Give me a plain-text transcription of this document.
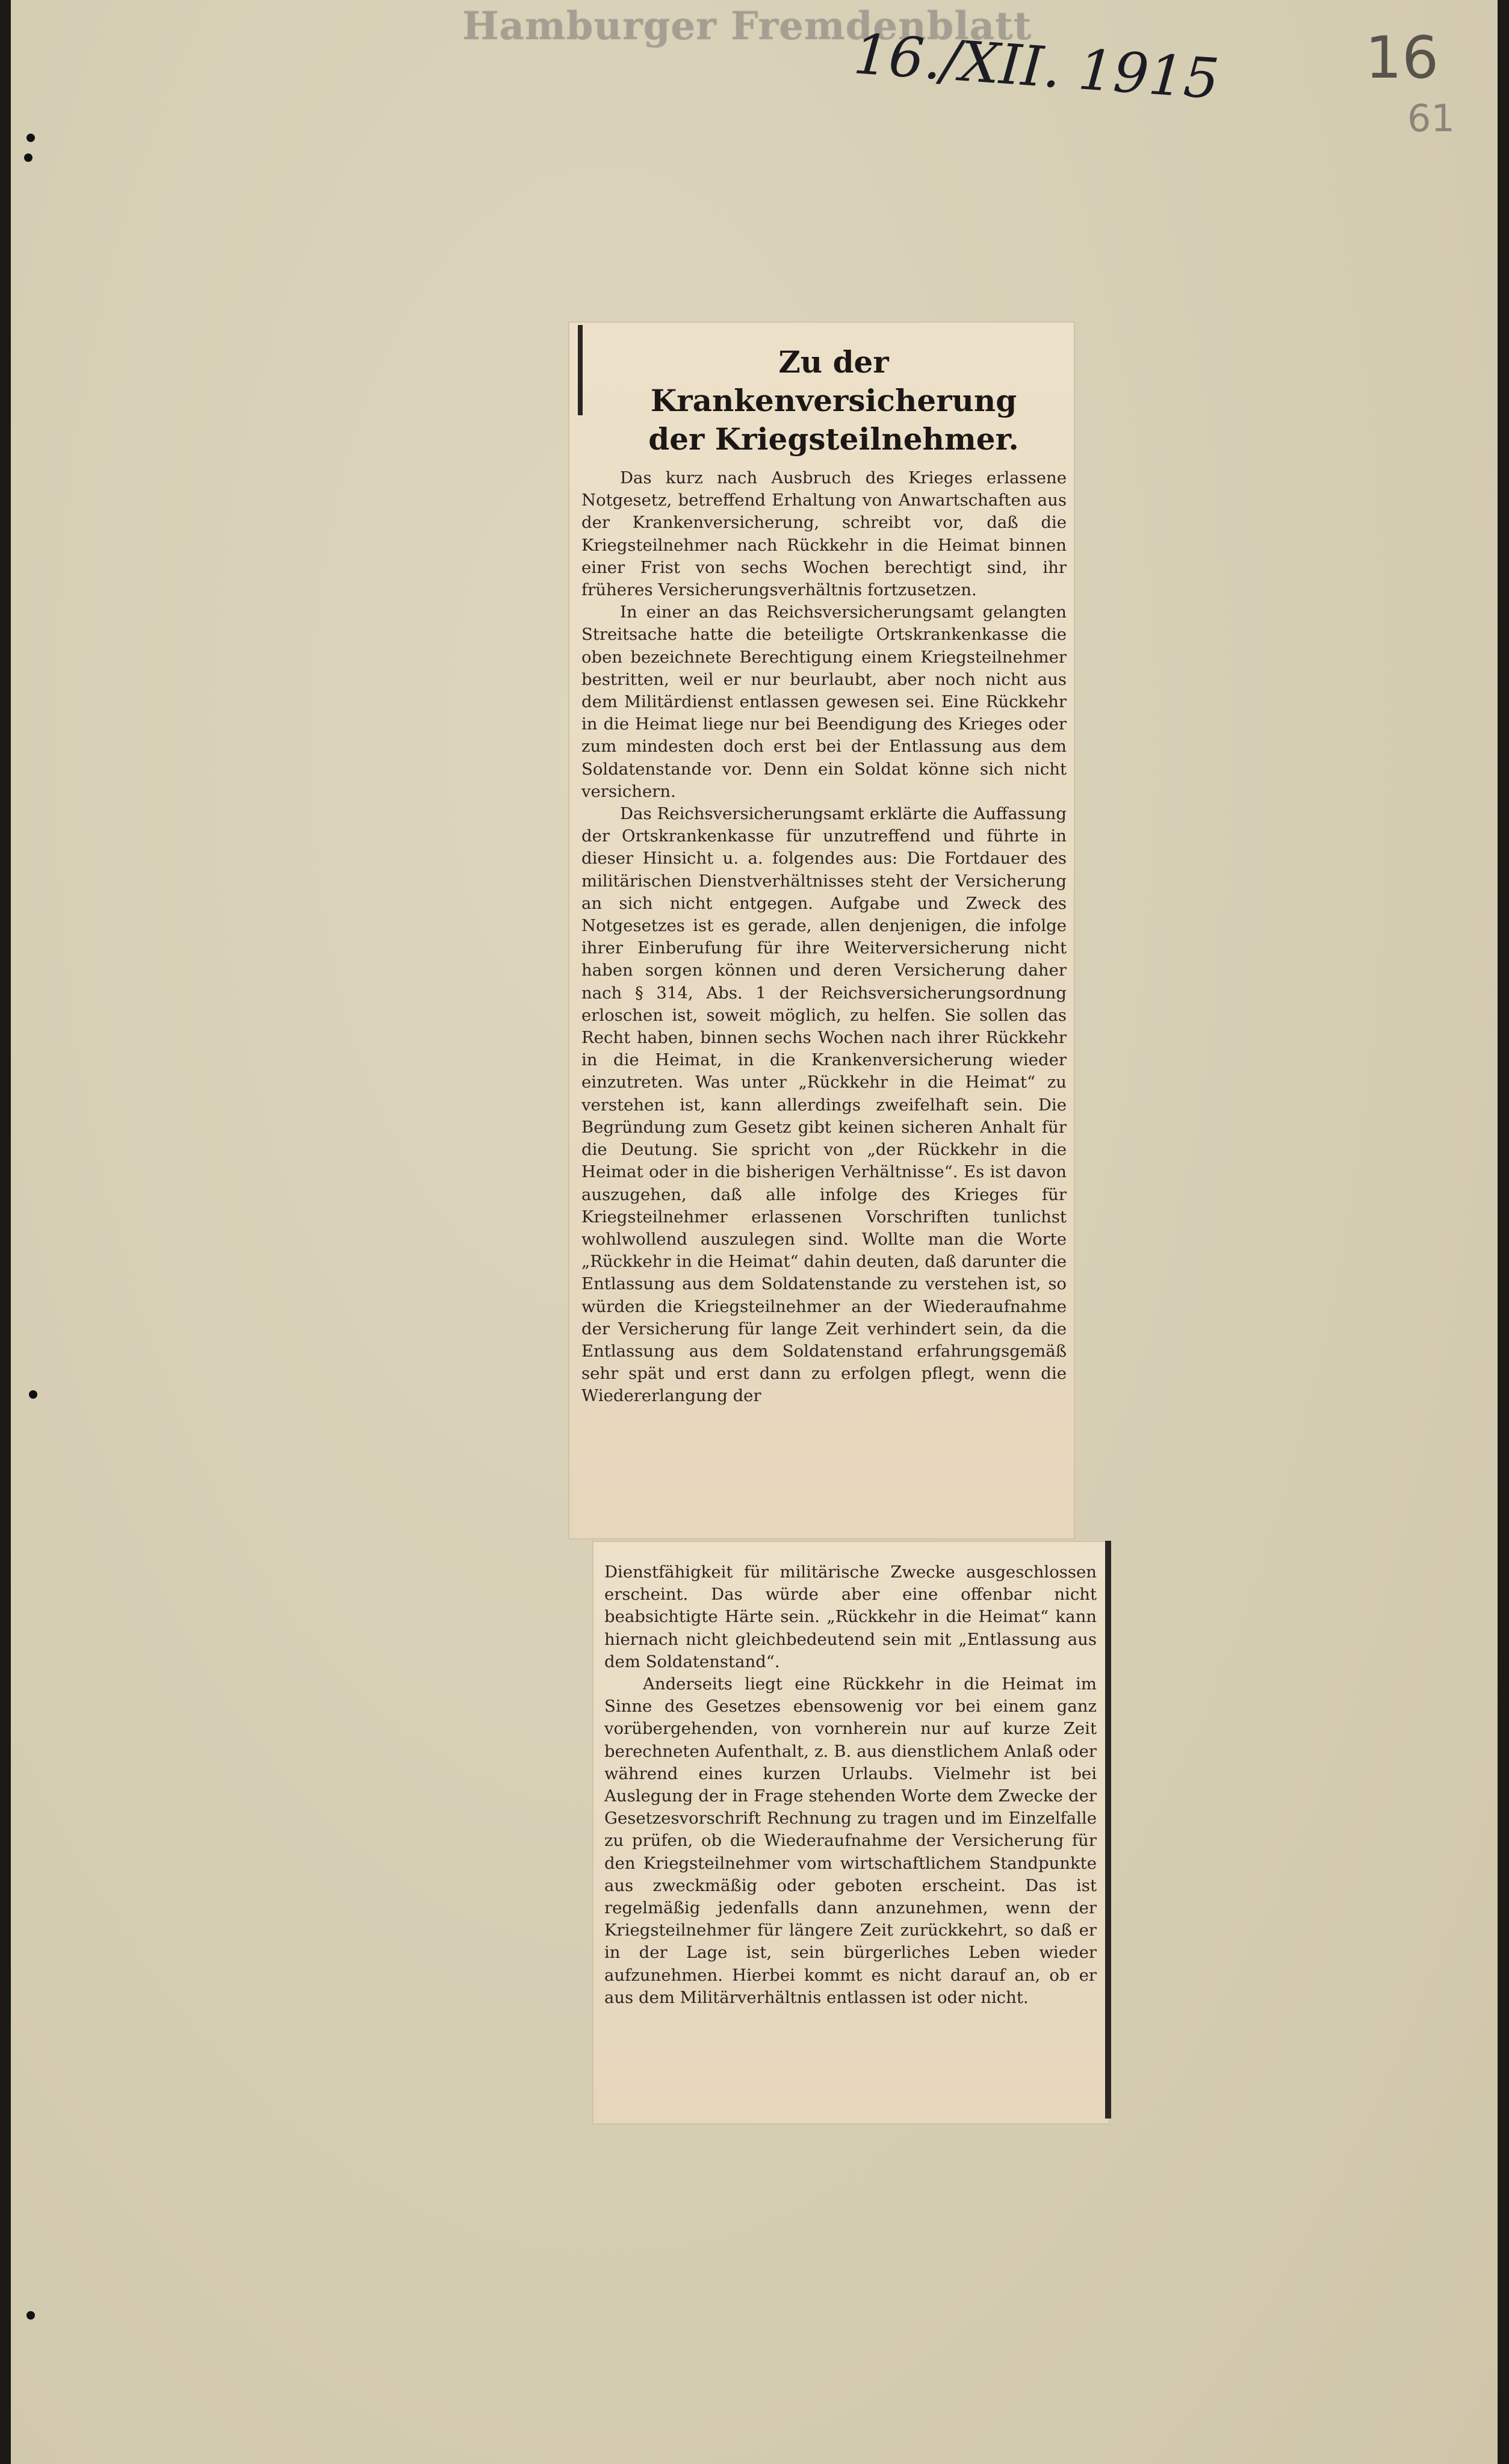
Hamburger Fremdenblatt
16./XII. 1915 16
61
Zu der Krankenversicherung
der Kriegsteilnehmer.

Das kurz nach Ausbruch des Krieges erlassene Notgesetz, betreffend Erhaltung von Anwartschaften aus der Krankenversicherung, schreibt vor, daß die Kriegsteilnehmer nach Rückkehr in die Heimat binnen einer Frist von sechs Wochen berechtigt sind, ihr früheres Versicherungsverhältnis fortzusetzen.

In einer an das Reichsversicherungsamt gelangten Streitsache hatte die beteiligte Ortskrankenkasse die oben bezeichnete Berechtigung einem Kriegsteilnehmer bestritten, weil er nur beurlaubt, aber noch nicht aus dem Militärdienst entlassen gewesen sei. Eine Rückkehr in die Heimat liege nur bei Beendigung des Krieges oder zum mindesten doch erst bei der Entlassung aus dem Soldatenstande vor. Denn ein Soldat könne sich nicht versichern.

Das Reichsversicherungsamt erklärte die Auffassung der Ortskrankenkasse für unzutreffend und führte in dieser Hinsicht u. a. folgendes aus: Die Fortdauer des militärischen Dienstverhältnisses steht der Versicherung an sich nicht entgegen. Aufgabe und Zweck des Notgesetzes ist es gerade, allen denjenigen, die infolge ihrer Einberufung für ihre Weiterversicherung nicht haben sorgen können und deren Versicherung daher nach § 314, Abs. 1 der Reichsversicherungsordnung erloschen ist, soweit möglich, zu helfen. Sie sollen das Recht haben, binnen sechs Wochen nach ihrer Rückkehr in die Heimat, in die Krankenversicherung wieder einzutreten. Was unter „Rückkehr in die Heimat“ zu verstehen ist, kann allerdings zweifelhaft sein. Die Begründung zum Gesetz gibt keinen sicheren Anhalt für die Deutung. Sie spricht von „der Rückkehr in die Heimat oder in die bisherigen Verhältnisse“. Es ist davon auszugehen, daß alle infolge des Krieges für Kriegsteilnehmer erlassenen Vorschriften tunlichst wohlwollend auszulegen sind. Wollte man die Worte „Rückkehr in die Heimat“ dahin deuten, daß darunter die Entlassung aus dem Soldatenstande zu verstehen ist, so würden die Kriegsteilnehmer an der Wiederaufnahme der Versicherung für lange Zeit verhindert sein, da die Entlassung aus dem Soldatenstand erfahrungsgemäß sehr spät und erst dann zu erfolgen pflegt, wenn die Wiedererlangung der

Dienstfähigkeit für militärische Zwecke ausgeschlossen erscheint. Das würde aber eine offenbar nicht beabsichtigte Härte sein. „Rückkehr in die Heimat“ kann hiernach nicht gleichbedeutend sein mit „Entlassung aus dem Soldatenstand“.

Anderseits liegt eine Rückkehr in die Heimat im Sinne des Gesetzes ebensowenig vor bei einem ganz vorübergehenden, von vornherein nur auf kurze Zeit berechneten Aufenthalt, z. B. aus dienstlichem Anlaß oder während eines kurzen Urlaubs. Vielmehr ist bei Auslegung der in Frage stehenden Worte dem Zwecke der Gesetzesvorschrift Rechnung zu tragen und im Einzelfalle zu prüfen, ob die Wiederaufnahme der Versicherung für den Kriegsteilnehmer vom wirtschaftlichem Standpunkte aus zweckmäßig oder geboten erscheint. Das ist regelmäßig jedenfalls dann anzunehmen, wenn der Kriegsteilnehmer für längere Zeit zurückkehrt, so daß er in der Lage ist, sein bürgerliches Leben wieder aufzunehmen. Hierbei kommt es nicht darauf an, ob er aus dem Militärverhältnis entlassen ist oder nicht.
